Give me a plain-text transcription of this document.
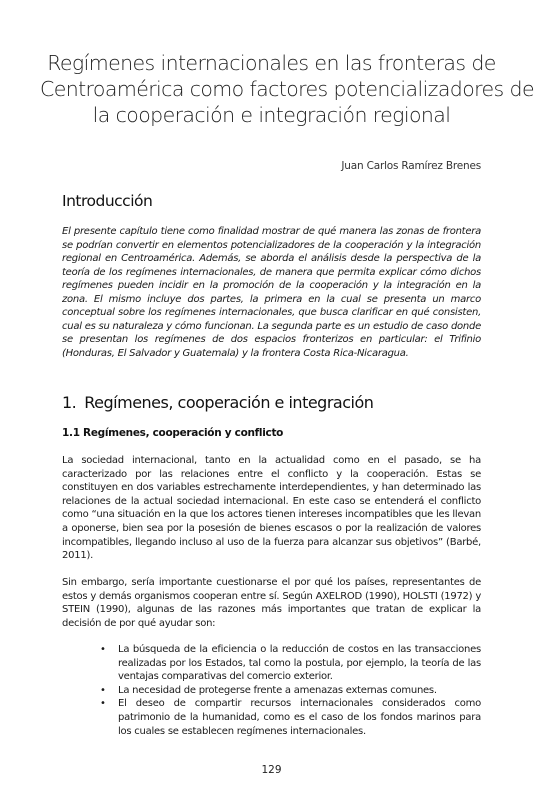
Regímenes internacionales en las fronteras de
Centroamérica como factores potencializadores de
la cooperación e integración regional
Juan Carlos Ramírez Brenes
Introducción

El presente capítulo tiene como finalidad mostrar de qué manera las zonas de frontera se podrían convertir en elementos potencializadores de la cooperación y la integración regional en Centroamérica. Además, se aborda el análisis desde la perspectiva de la teoría de los regímenes internacionales, de manera que permita explicar cómo dichos regímenes pueden incidir en la promoción de la cooperación y la integración en la zona. El mismo incluye dos partes, la primera en la cual se presenta un marco conceptual sobre los regímenes internacionales, que busca clarificar en qué consisten, cual es su naturaleza y cómo funcionan. La segunda parte es un estudio de caso donde se presentan los regímenes de dos espacios fronterizos en particular: el Trifinio (Honduras, El Salvador y Guatemala) y la frontera Costa Rica-Nicaragua.

1. Regímenes, cooperación e integración
1.1 Regímenes, cooperación y conflicto

La sociedad internacional, tanto en la actualidad como en el pasado, se ha caracterizado por las relaciones entre el conflicto y la cooperación. Estas se constituyen en dos variables estrechamente interdependientes, y han determinado las relaciones de la actual sociedad internacional. En este caso se entenderá el conflicto como “una situación en la que los actores tienen intereses incompatibles que les llevan a oponerse, bien sea por la posesión de bienes escasos o por la realización de valores incompatibles, llegando incluso al uso de la fuerza para alcanzar sus objetivos” (Barbé, 2011).

Sin embargo, sería importante cuestionarse el por qué los países, representantes de estos y demás organismos cooperan entre sí. Según AXELROD (1990), HOLSTI (1972) y STEIN (1990), algunas de las razones más importantes que tratan de explicar la decisión de por qué ayudar son:

• La búsqueda de la eficiencia o la reducción de costos en las transacciones realizadas por los Estados, tal como la postula, por ejemplo, la teoría de las ventajas comparativas del comercio exterior.
• La necesidad de protegerse frente a amenazas externas comunes.
• El deseo de compartir recursos internacionales considerados como patrimonio de la humanidad, como es el caso de los fondos marinos para los cuales se establecen regímenes internacionales.
129
